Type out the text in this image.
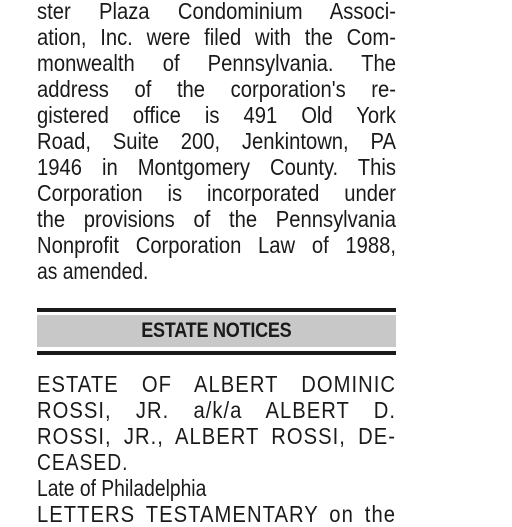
ster Plaza Condominium Associ-
ation, Inc. were filed with the Com-
monwealth of Pennsylvania. The
address of the corporation's re-
gistered office is 491 Old York
Road, Suite 200, Jenkintown, PA
1946 in Montgomery County. This
Corporation is incorporated under
the provisions of the Pennsylvania
Nonprofit Corporation Law of 1988,
as amended.
ESTATE NOTICES
ESTATE OF ALBERT DOMINIC
ROSSI, JR. a/k/a ALBERT D.
ROSSI, JR., ALBERT ROSSI, DE-
CEASED.
Late of Philadelphia
LETTERS TESTAMENTARY on the
